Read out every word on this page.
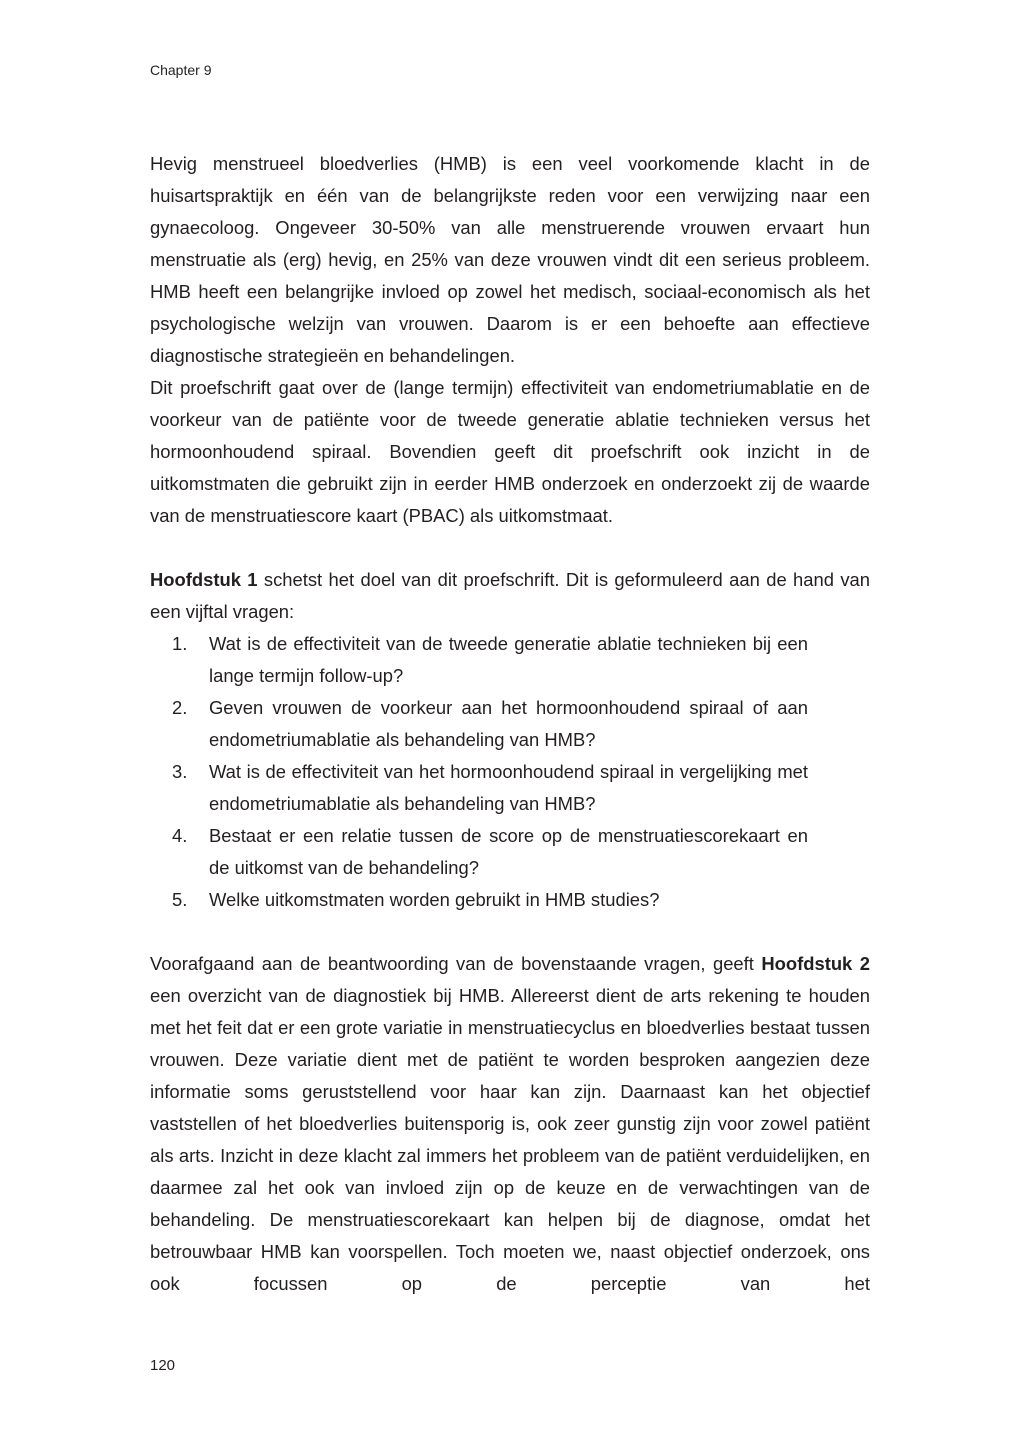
Chapter 9

Hevig menstrueel bloedverlies (HMB) is een veel voorkomende klacht in de huisartspraktijk en één van de belangrijkste reden voor een verwijzing naar een gynaecoloog. Ongeveer 30-50% van alle menstruerende vrouwen ervaart hun menstruatie als (erg) hevig, en 25% van deze vrouwen vindt dit een serieus probleem. HMB heeft een belangrijke invloed op zowel het medisch, sociaal-economisch als het psychologische welzijn van vrouwen. Daarom is er een behoefte aan effectieve diagnostische strategieën en behandelingen.

Dit proefschrift gaat over de (lange termijn) effectiviteit van endometriumablatie en de voorkeur van de patiënte voor de tweede generatie ablatie technieken versus het hormoonhoudend spiraal. Bovendien geeft dit proefschrift ook inzicht in de uitkomstmaten die gebruikt zijn in eerder HMB onderzoek en onderzoekt zij de waarde van de menstruatiescore kaart (PBAC) als uitkomstmaat.

Hoofdstuk 1 schetst het doel van dit proefschrift. Dit is geformuleerd aan de hand van een vijftal vragen:

1. Wat is de effectiviteit van de tweede generatie ablatie technieken bij een lange termijn follow-up?
2. Geven vrouwen de voorkeur aan het hormoonhoudend spiraal of aan endometriumablatie als behandeling van HMB?
3. Wat is de effectiviteit van het hormoonhoudend spiraal in vergelijking met endometriumablatie als behandeling van HMB?
4. Bestaat er een relatie tussen de score op de menstruatiescorekaart en de uitkomst van de behandeling?
5. Welke uitkomstmaten worden gebruikt in HMB studies?

Voorafgaand aan de beantwoording van de bovenstaande vragen, geeft Hoofdstuk 2 een overzicht van de diagnostiek bij HMB. Allereerst dient de arts rekening te houden met het feit dat er een grote variatie in menstruatiecyclus en bloedverlies bestaat tussen vrouwen. Deze variatie dient met de patiënt te worden besproken aangezien deze informatie soms geruststellend voor haar kan zijn. Daarnaast kan het objectief vaststellen of het bloedverlies buitensporig is, ook zeer gunstig zijn voor zowel patiënt als arts. Inzicht in deze klacht zal immers het probleem van de patiënt verduidelijken, en daarmee zal het ook van invloed zijn op de keuze en de verwachtingen van de behandeling. De menstruatiescorekaart kan helpen bij de diagnose, omdat het betrouwbaar HMB kan voorspellen. Toch moeten we, naast objectief onderzoek, ons ook focussen op de perceptie van het

120
